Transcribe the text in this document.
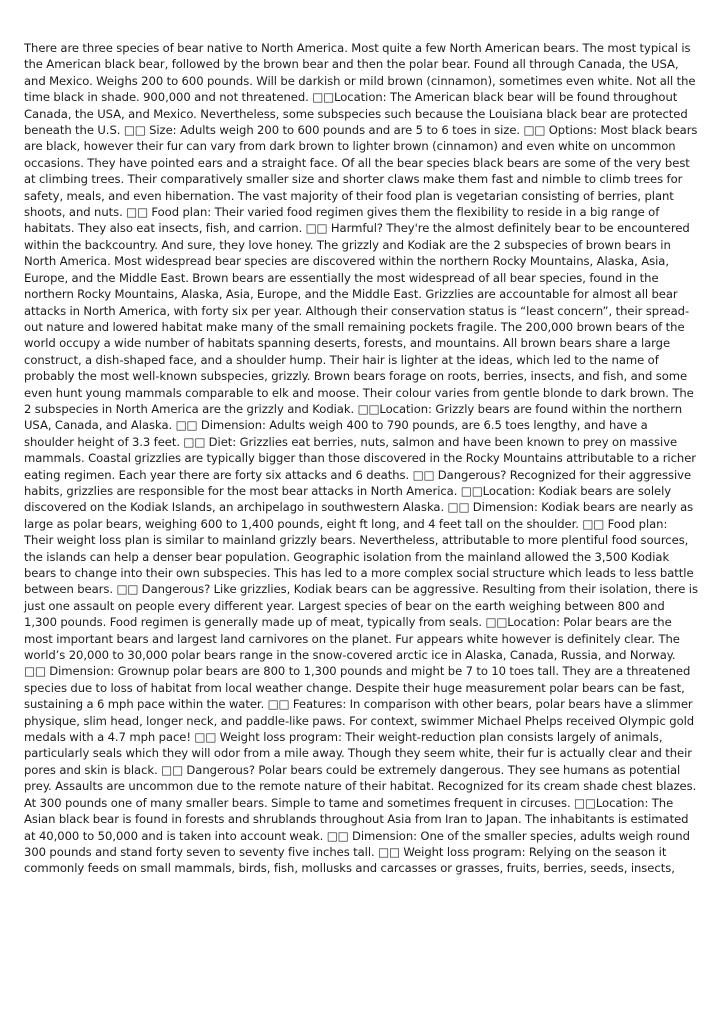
There are three species of bear native to North America. Most quite a few North American bears. The most typical is the American black bear, followed by the brown bear and then the polar bear. Found all through Canada, the USA, and Mexico. Weighs 200 to 600 pounds. Will be darkish or mild brown (cinnamon), sometimes even white. Not all the time black in shade. 900,000 and not threatened. □□Location: The American black bear will be found throughout Canada, the USA, and Mexico. Nevertheless, some subspecies such because the Louisiana black bear are protected beneath the U.S. □□ Size: Adults weigh 200 to 600 pounds and are 5 to 6 toes in size. □□ Options: Most black bears are black, however their fur can vary from dark brown to lighter brown (cinnamon) and even white on uncommon occasions. They have pointed ears and a straight face. Of all the bear species black bears are some of the very best at climbing trees. Their comparatively smaller size and shorter claws make them fast and nimble to climb trees for safety, meals, and even hibernation. The vast majority of their food plan is vegetarian consisting of berries, plant shoots, and nuts. □□ Food plan: Their varied food regimen gives them the flexibility to reside in a big range of habitats. They also eat insects, fish, and carrion. □□ Harmful? They're the almost definitely bear to be encountered within the backcountry. And sure, they love honey. The grizzly and Kodiak are the 2 subspecies of brown bears in North America. Most widespread bear species are discovered within the northern Rocky Mountains, Alaska, Asia, Europe, and the Middle East. Brown bears are essentially the most widespread of all bear species, found in the northern Rocky Mountains, Alaska, Asia, Europe, and the Middle East. Grizzlies are accountable for almost all bear attacks in North America, with forty six per year. Although their conservation status is “least concern”, their spread-out nature and lowered habitat make many of the small remaining pockets fragile. The 200,000 brown bears of the world occupy a wide number of habitats spanning deserts, forests, and mountains. All brown bears share a large construct, a dish-shaped face, and a shoulder hump. Their hair is lighter at the ideas, which led to the name of probably the most well-known subspecies, grizzly. Brown bears forage on roots, berries, insects, and fish, and some even hunt young mammals comparable to elk and moose. Their colour varies from gentle blonde to dark brown. The 2 subspecies in North America are the grizzly and Kodiak. □□Location: Grizzly bears are found within the northern USA, Canada, and Alaska. □□ Dimension: Adults weigh 400 to 790 pounds, are 6.5 toes lengthy, and have a shoulder height of 3.3 feet. □□ Diet: Grizzlies eat berries, nuts, salmon and have been known to prey on massive mammals. Coastal grizzlies are typically bigger than those discovered in the Rocky Mountains attributable to a richer eating regimen. Each year there are forty six attacks and 6 deaths. □□ Dangerous? Recognized for their aggressive habits, grizzlies are responsible for the most bear attacks in North America. □□Location: Kodiak bears are solely discovered on the Kodiak Islands, an archipelago in southwestern Alaska. □□ Dimension: Kodiak bears are nearly as large as polar bears, weighing 600 to 1,400 pounds, eight ft long, and 4 feet tall on the shoulder. □□ Food plan: Their weight loss plan is similar to mainland grizzly bears. Nevertheless, attributable to more plentiful food sources, the islands can help a denser bear population. Geographic isolation from the mainland allowed the 3,500 Kodiak bears to change into their own subspecies. This has led to a more complex social structure which leads to less battle between bears. □□ Dangerous? Like grizzlies, Kodiak bears can be aggressive. Resulting from their isolation, there is just one assault on people every different year. Largest species of bear on the earth weighing between 800 and 1,300 pounds. Food regimen is generally made up of meat, typically from seals. □□Location: Polar bears are the most important bears and largest land carnivores on the planet. Fur appears white however is definitely clear. The world’s 20,000 to 30,000 polar bears range in the snow-covered arctic ice in Alaska, Canada, Russia, and Norway. □□ Dimension: Grownup polar bears are 800 to 1,300 pounds and might be 7 to 10 toes tall. They are a threatened species due to loss of habitat from local weather change. Despite their huge measurement polar bears can be fast, sustaining a 6 mph pace within the water. □□ Features: In comparison with other bears, polar bears have a slimmer physique, slim head, longer neck, and paddle-like paws. For context, swimmer Michael Phelps received Olympic gold medals with a 4.7 mph pace! □□ Weight loss program: Their weight-reduction plan consists largely of animals, particularly seals which they will odor from a mile away. Though they seem white, their fur is actually clear and their pores and skin is black. □□ Dangerous? Polar bears could be extremely dangerous. They see humans as potential prey. Assaults are uncommon due to the remote nature of their habitat. Recognized for its cream shade chest blazes. At 300 pounds one of many smaller bears. Simple to tame and sometimes frequent in circuses. □□Location: The Asian black bear is found in forests and shrublands throughout Asia from Iran to Japan. The inhabitants is estimated at 40,000 to 50,000 and is taken into account weak. □□ Dimension: One of the smaller species, adults weigh round 300 pounds and stand forty seven to seventy five inches tall. □□ Weight loss program: Relying on the season it commonly feeds on small mammals, birds, fish, mollusks and carcasses or grasses, fruits, berries, seeds, insects,
